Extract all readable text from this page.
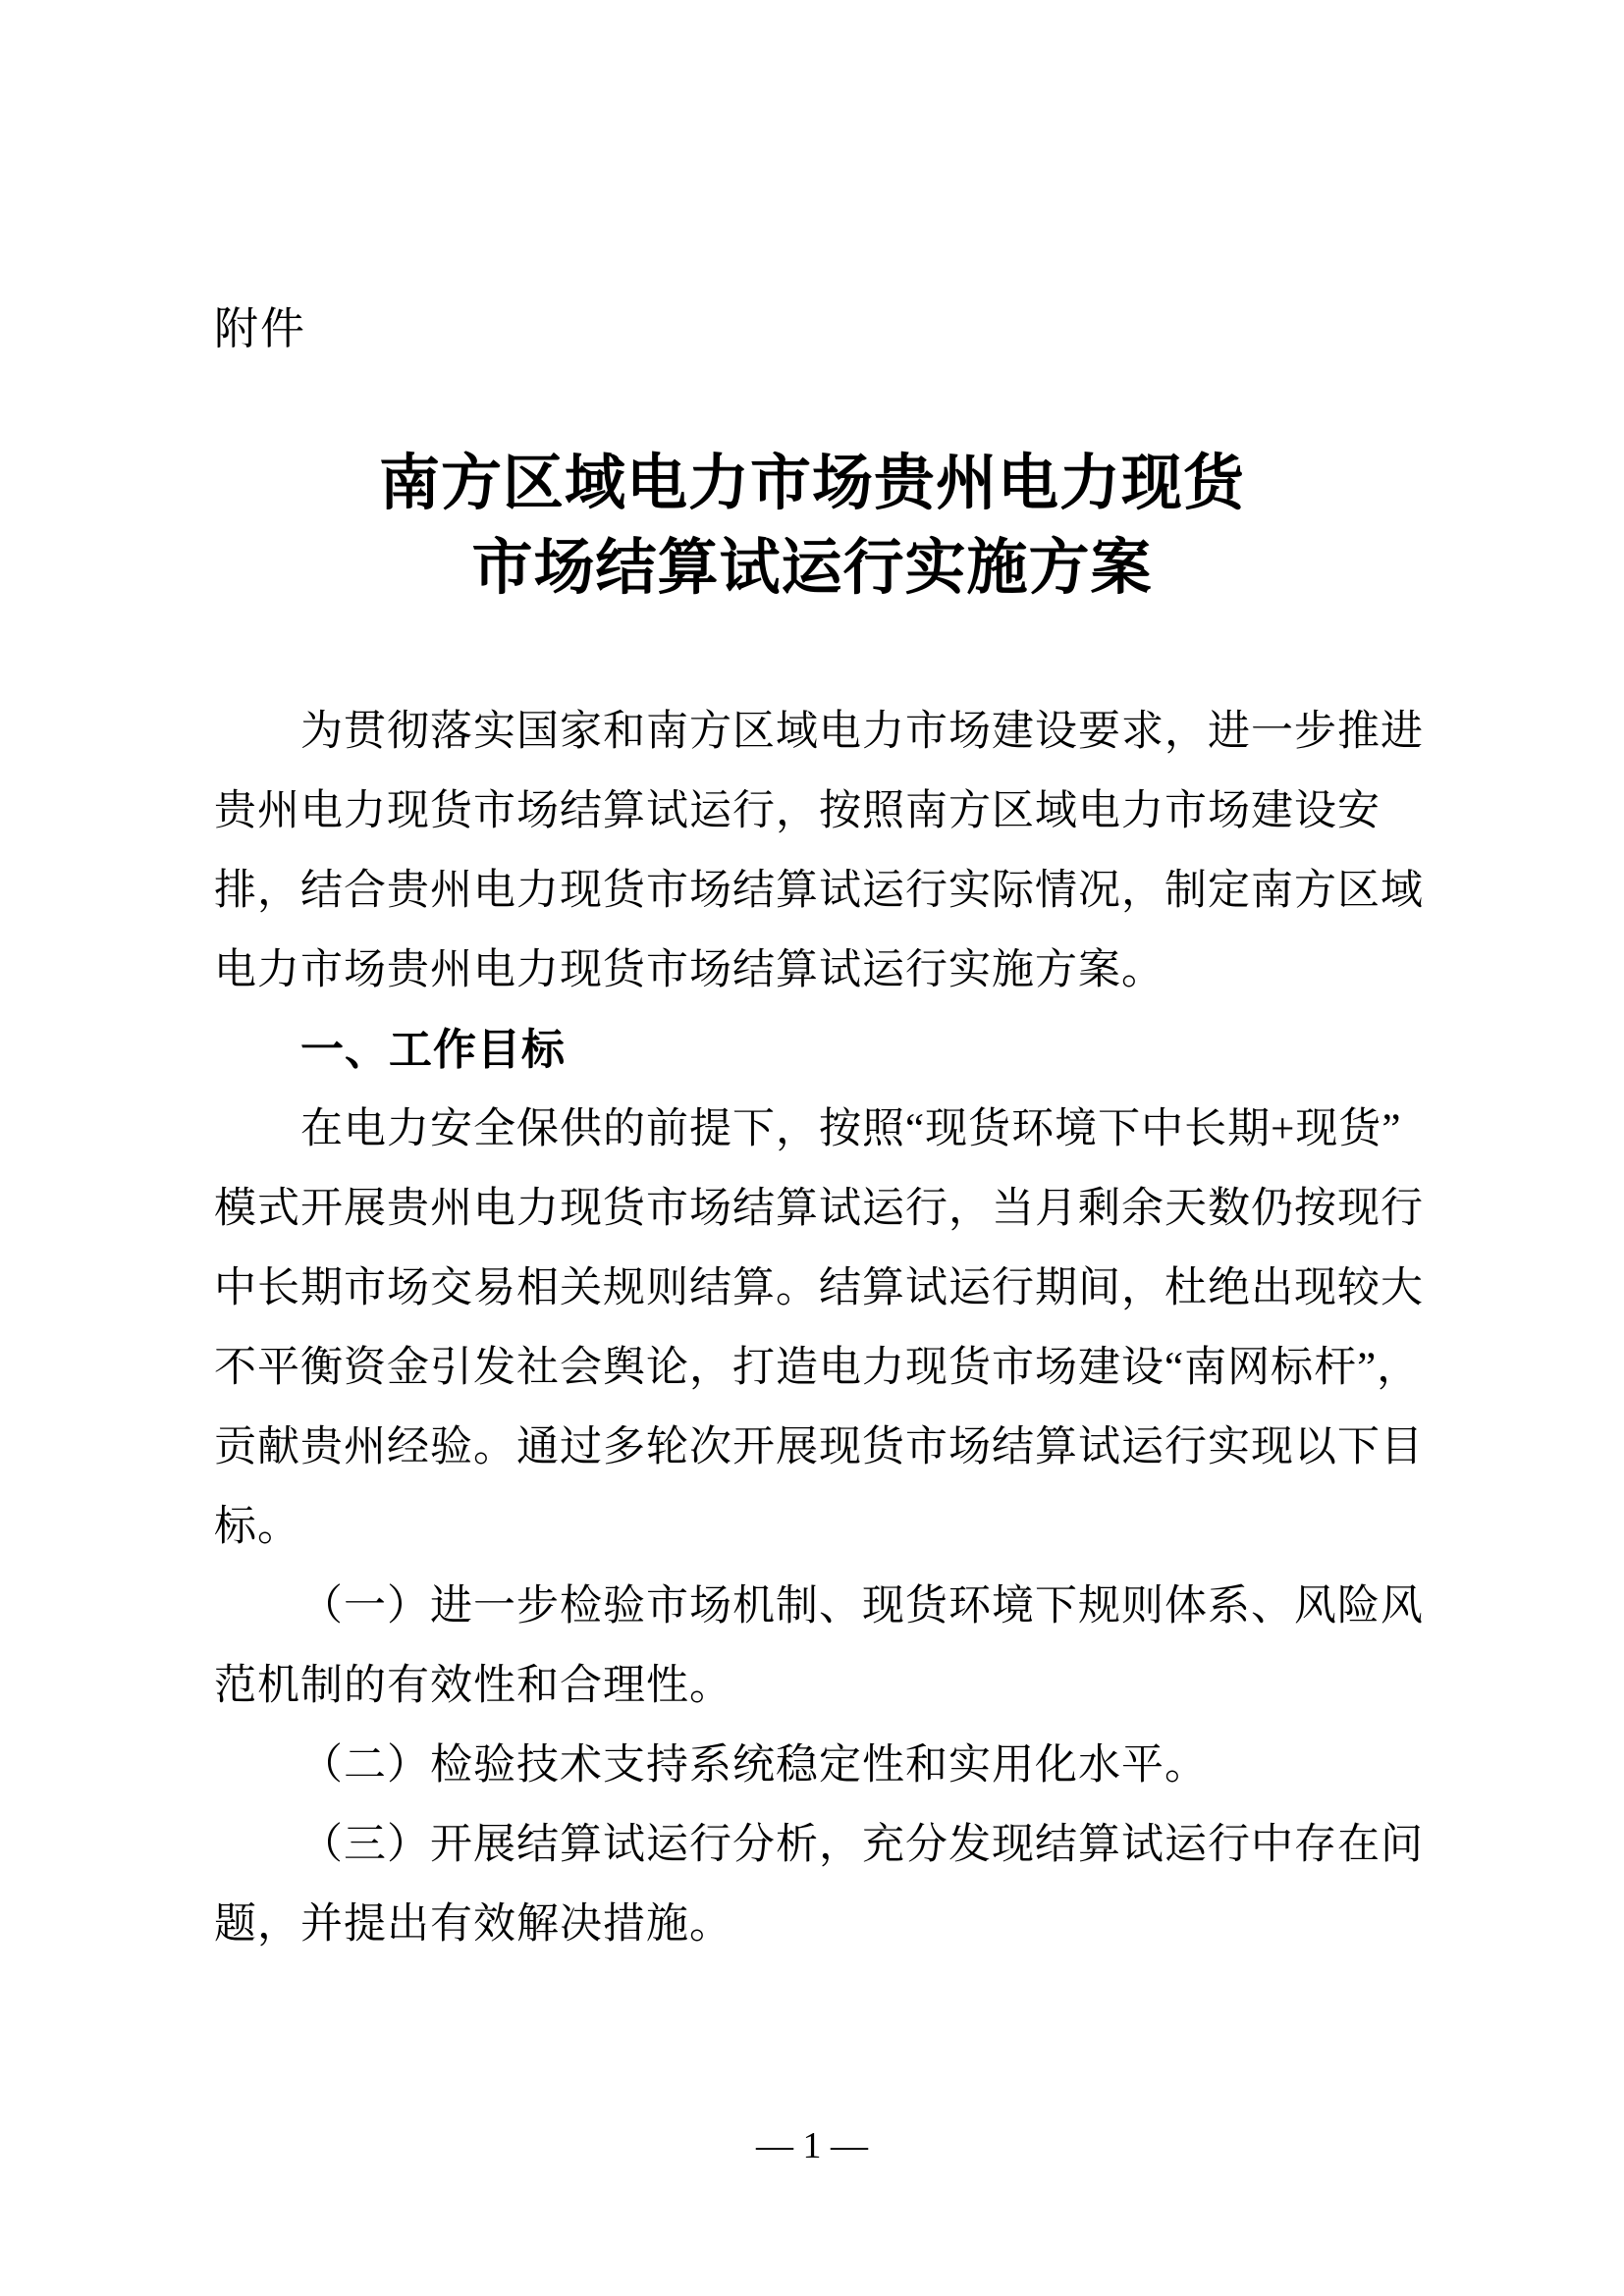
附件
南方区域电力市场贵州电力现货
市场结算试运行实施方案
为贯彻落实国家和南方区域电力市场建设要求，进一步推进
贵州电力现货市场结算试运行，按照南方区域电力市场建设安
排，结合贵州电力现货市场结算试运行实际情况，制定南方区域
电力市场贵州电力现货市场结算试运行实施方案。
一、工作目标
在电力安全保供的前提下，按照“现货环境下中长期+现货”
模式开展贵州电力现货市场结算试运行，当月剩余天数仍按现行
中长期市场交易相关规则结算。结算试运行期间，杜绝出现较大
不平衡资金引发社会舆论，打造电力现货市场建设“南网标杆”，
贡献贵州经验。通过多轮次开展现货市场结算试运行实现以下目
标。
（一）进一步检验市场机制、现货环境下规则体系、风险风
范机制的有效性和合理性。
（二）检验技术支持系统稳定性和实用化水平。
（三）开展结算试运行分析，充分发现结算试运行中存在问
题，并提出有效解决措施。
— 1 —
